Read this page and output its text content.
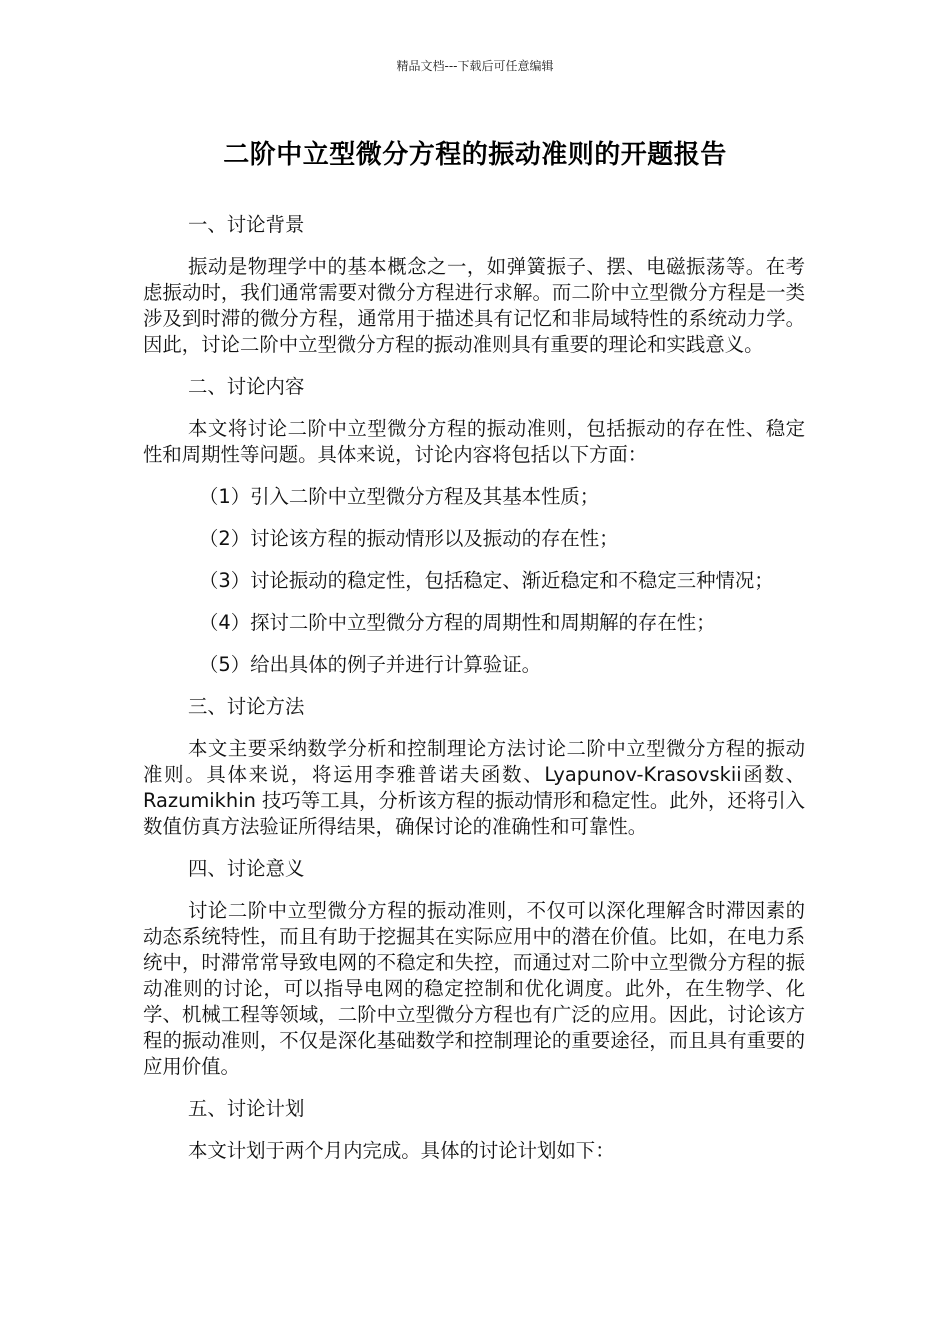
精品文档---下载后可任意编辑
二阶中立型微分方程的振动准则的开题报告

一、讨论背景

振动是物理学中的基本概念之一，如弹簧振子、摆、电磁振荡等。在考虑振动时，我们通常需要对微分方程进行求解。而二阶中立型微分方程是一类涉及到时滞的微分方程，通常用于描述具有记忆和非局域特性的系统动力学。因此，讨论二阶中立型微分方程的振动准则具有重要的理论和实践意义。

二、讨论内容

本文将讨论二阶中立型微分方程的振动准则，包括振动的存在性、稳定性和周期性等问题。具体来说，讨论内容将包括以下方面：

（1）引入二阶中立型微分方程及其基本性质；

（2）讨论该方程的振动情形以及振动的存在性；

（3）讨论振动的稳定性，包括稳定、渐近稳定和不稳定三种情况；

（4）探讨二阶中立型微分方程的周期性和周期解的存在性；

（5）给出具体的例子并进行计算验证。

三、讨论方法

本文主要采纳数学分析和控制理论方法讨论二阶中立型微分方程的振动准则。具体来说，将运用李雅普诺夫函数、Lyapunov-Krasovskii函数、Razumikhin 技巧等工具，分析该方程的振动情形和稳定性。此外，还将引入数值仿真方法验证所得结果，确保讨论的准确性和可靠性。

四、讨论意义

讨论二阶中立型微分方程的振动准则，不仅可以深化理解含时滞因素的动态系统特性，而且有助于挖掘其在实际应用中的潜在价值。比如，在电力系统中，时滞常常导致电网的不稳定和失控，而通过对二阶中立型微分方程的振动准则的讨论，可以指导电网的稳定控制和优化调度。此外，在生物学、化学、机械工程等领域，二阶中立型微分方程也有广泛的应用。因此，讨论该方程的振动准则，不仅是深化基础数学和控制理论的重要途径，而且具有重要的应用价值。

五、讨论计划

本文计划于两个月内完成。具体的讨论计划如下：
